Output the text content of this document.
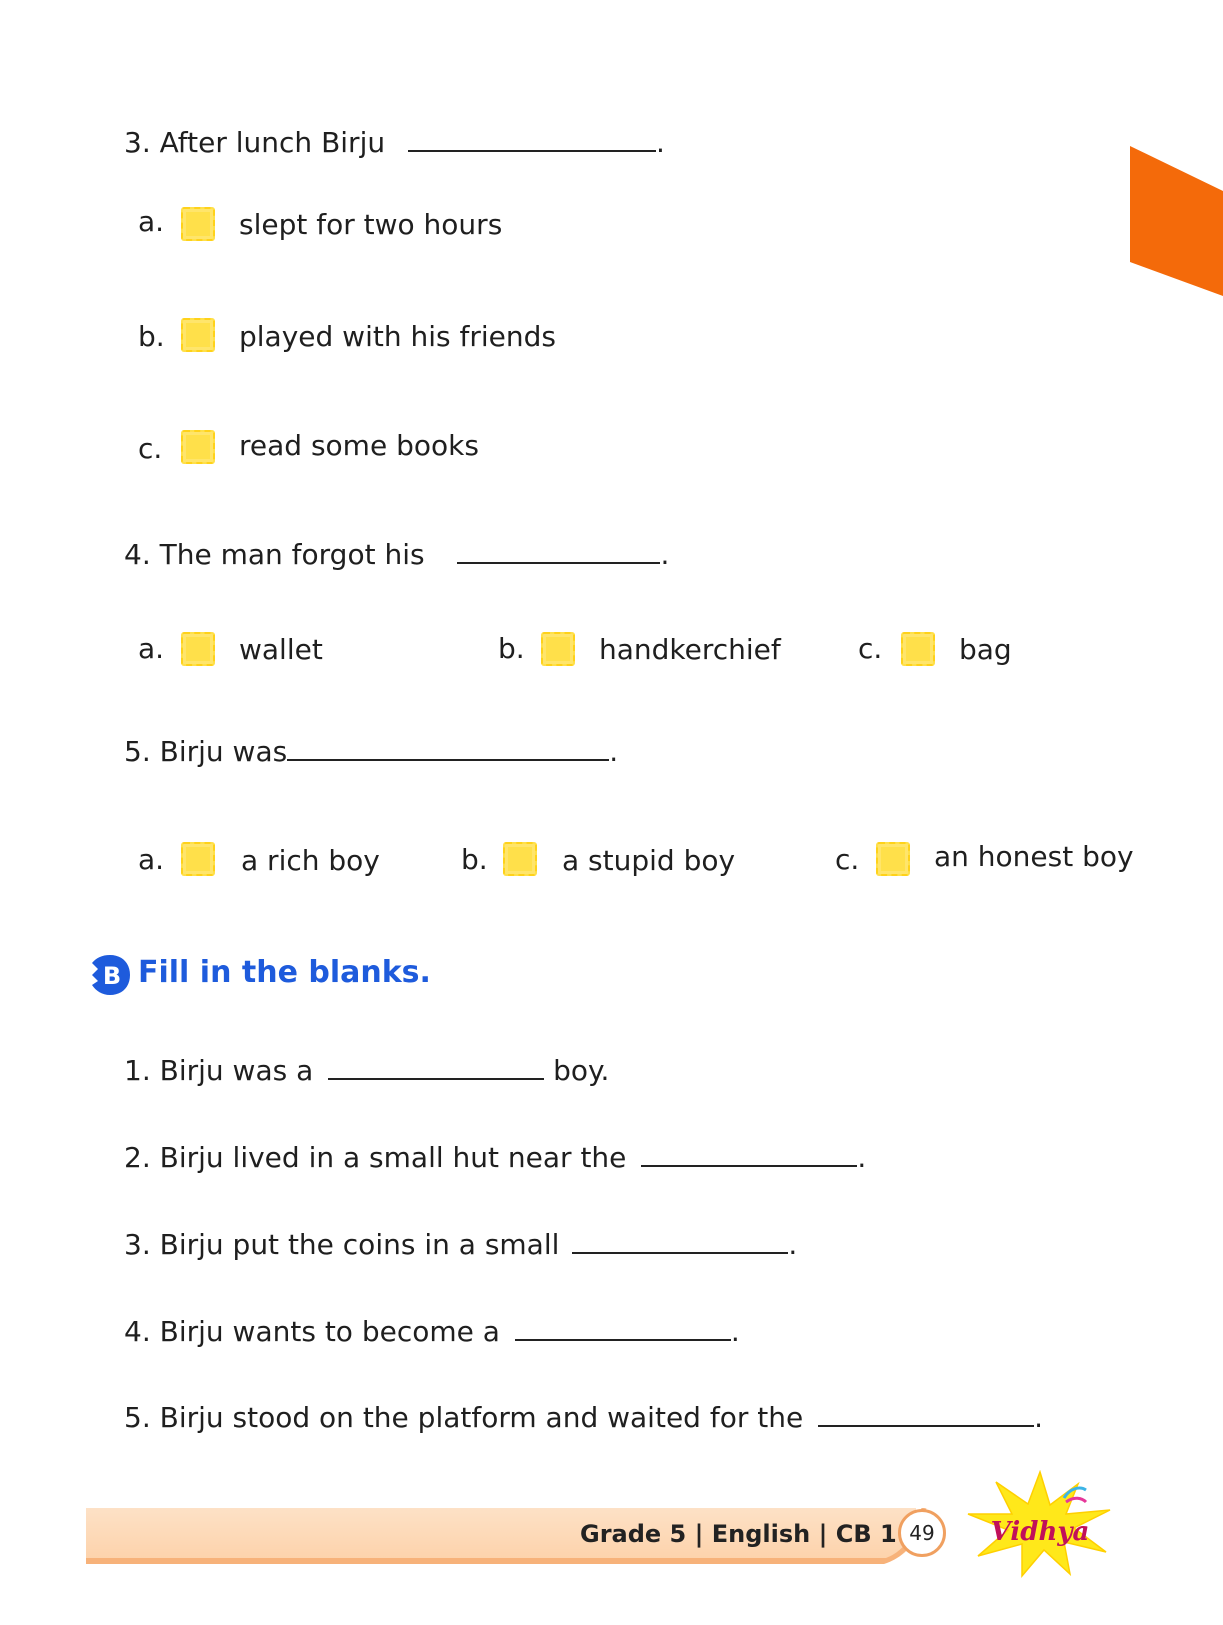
3. After lunch Birju	.
a.	slept for two hours
b.	played with his friends
c.	read some books
4. The man forgot his	.
a.	wallet	b.	handkerchief	c.	bag
5. Birju was	.
a.	a rich boy	b.	a stupid boy	c.	an honest boy
B Fill in the blanks.
1. Birju was a	boy.
2. Birju lived in a small hut near the	.
3. Birju put the coins in a small	.
4. Birju wants to become a	.
5. Birju stood on the platform and waited for the	.
Grade 5 | English | CB 1 49	Vidhya
